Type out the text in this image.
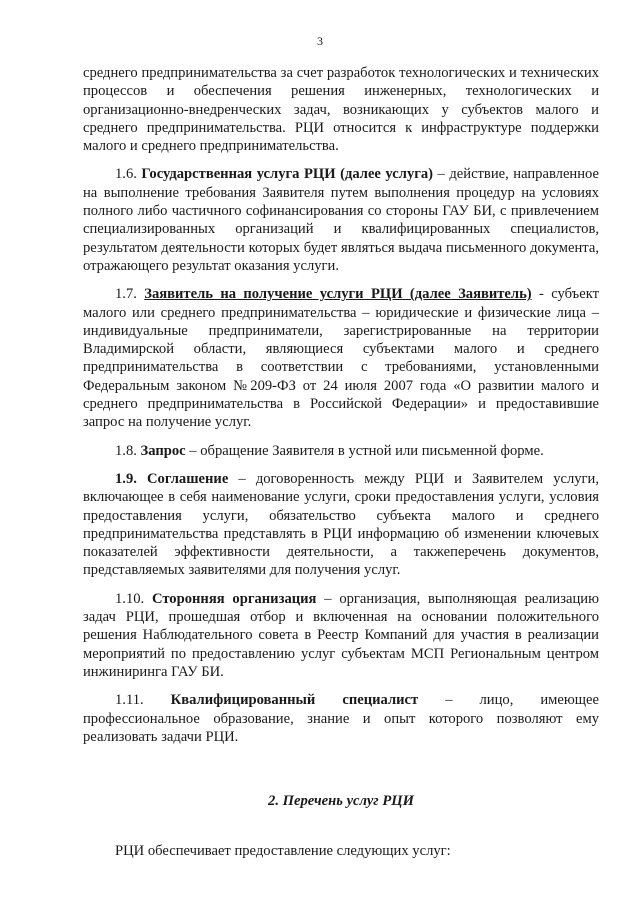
3

среднего предпринимательства за счет разработок технологических и технических процессов и обеспечения решения инженерных, технологических и организационно-внедренческих задач, возникающих у субъектов малого и среднего предпринимательства. РЦИ относится к инфраструктуре поддержки малого и среднего предпринимательства.

1.6. Государственная услуга РЦИ (далее услуга) – действие, направленное на выполнение требования Заявителя путем выполнения процедур на условиях полного либо частичного софинансирования со стороны ГАУ БИ, с привлечением специализированных организаций и квалифицированных специалистов, результатом деятельности которых будет являться выдача письменного документа, отражающего результат оказания услуги.

1.7. Заявитель на получение услуги РЦИ (далее Заявитель) - субъект малого или среднего предпринимательства – юридические и физические лица – индивидуальные предприниматели, зарегистрированные на территории Владимирской области, являющиеся субъектами малого и среднего предпринимательства в соответствии с требованиями, установленными Федеральным законом №209-ФЗ от 24 июля 2007 года «О развитии малого и среднего предпринимательства в Российской Федерации» и предоставившие запрос на получение услуг.

1.8. Запрос – обращение Заявителя в устной или письменной форме.

1.9. Соглашение – договоренность между РЦИ и Заявителем услуги, включающее в себя наименование услуги, сроки предоставления услуги, условия предоставления услуги, обязательство субъекта малого и среднего предпринимательства представлять в РЦИ информацию об изменении ключевых показателей эффективности деятельности, а такжеперечень документов, представляемых заявителями для получения услуг.

1.10. Сторонняя организация – организация, выполняющая реализацию задач РЦИ, прошедшая отбор и включенная на основании положительного решения Наблюдательного совета в Реестр Компаний для участия в реализации мероприятий по предоставлению услуг субъектам МСП Региональным центром инжиниринга ГАУ БИ.

1.11. Квалифицированный специалист – лицо, имеющее профессиональное образование, знание и опыт которого позволяют ему реализовать задачи РЦИ.

2. Перечень услуг РЦИ

РЦИ обеспечивает предоставление следующих услуг:
